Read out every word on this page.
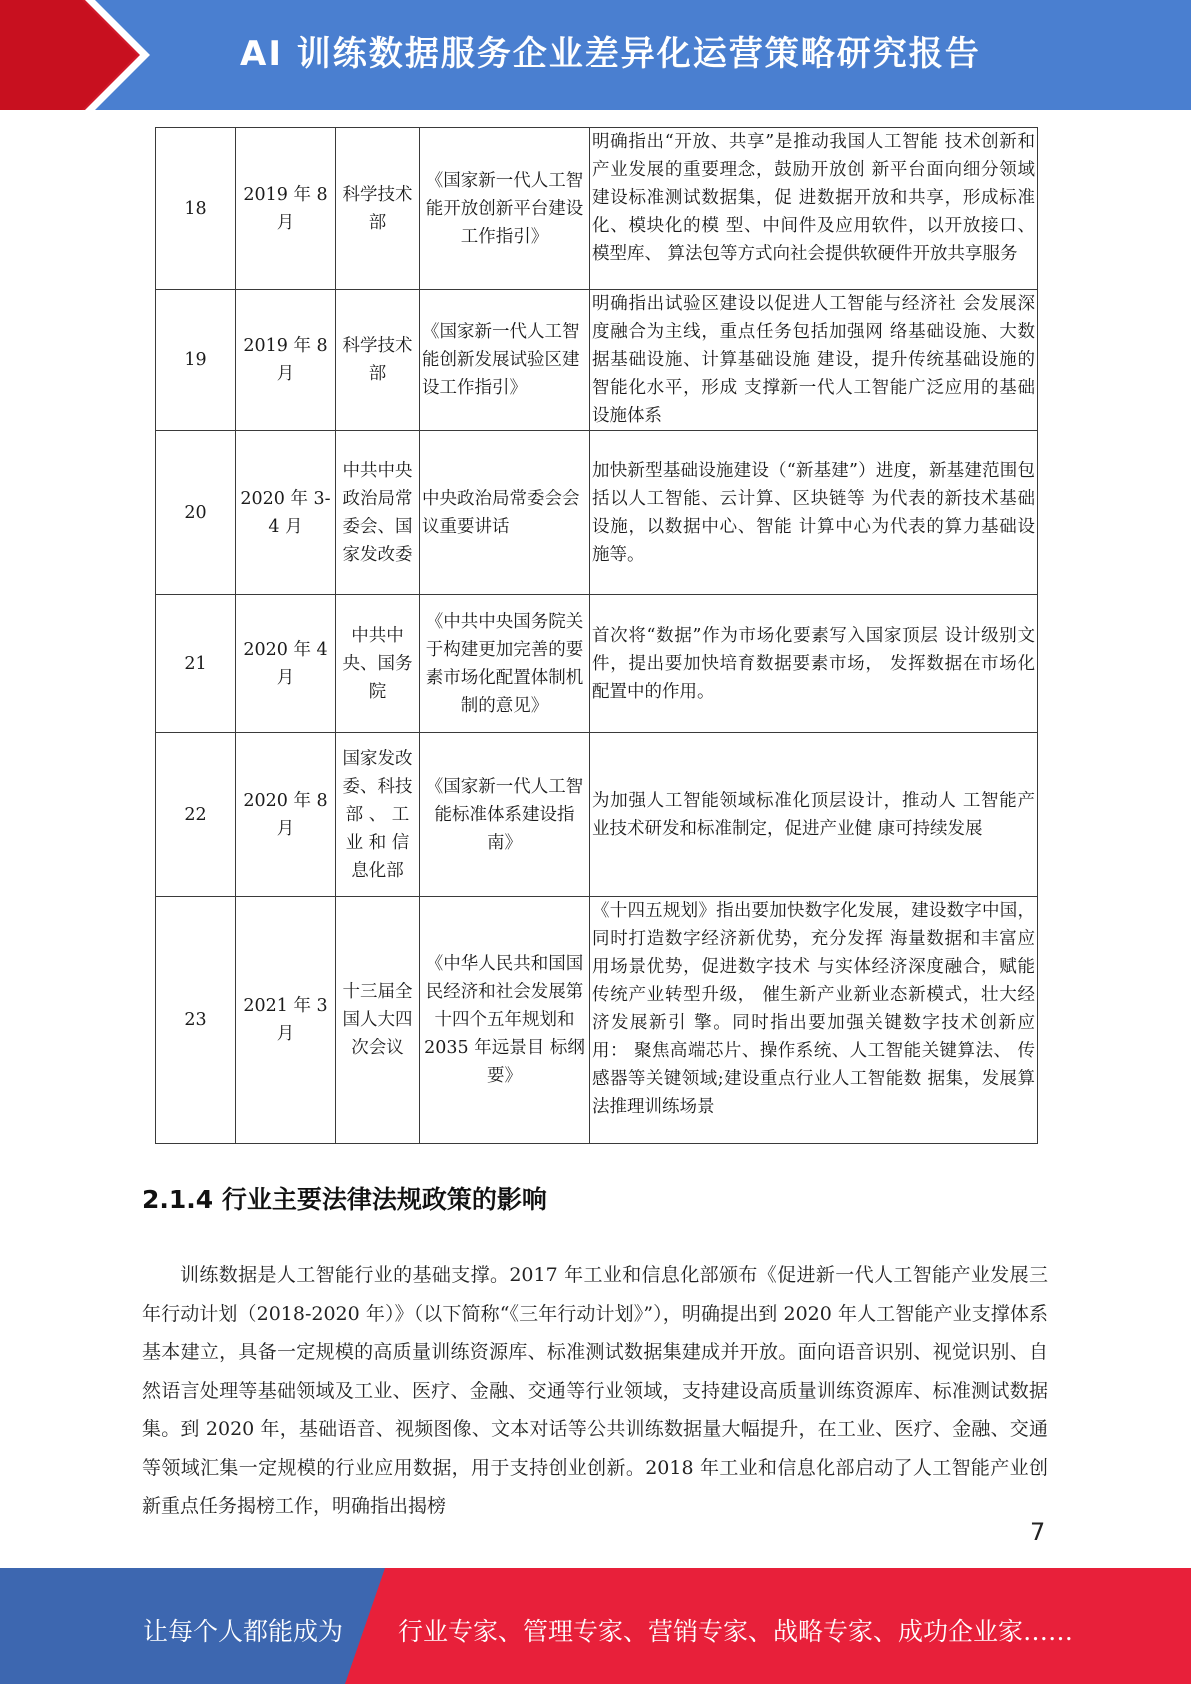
AI 训练数据服务企业差异化运营策略研究报告
18	2019 年 8 月	科学技术部	《国家新一代人工智能开放创新平台建设工作指引》	明确指出“开放、共享”是推动我国人工智能 技术创新和产业发展的重要理念，鼓励开放创 新平台面向细分领域建设标准测试数据集，促 进数据开放和共享，形成标准化、模块化的模 型、中间件及应用软件，以开放接口、模型库、 算法包等方式向社会提供软硬件开放共享服务
19	2019 年 8 月	科学技术部	《国家新一代人工智能创新发展试验区建设工作指引》	明确指出试验区建设以促进人工智能与经济社 会发展深度融合为主线，重点任务包括加强网 络基础设施、大数据基础设施、计算基础设施 建设，提升传统基础设施的智能化水平，形成 支撑新一代人工智能广泛应用的基础设施体系
20	2020 年 3-4 月	中共中央政治局常委会、国家发改委	中央政治局常委会会议重要讲话	加快新型基础设施建设（“新基建”）进度，新基建范围包括以人工智能、云计算、区块链等 为代表的新技术基础设施，以数据中心、智能 计算中心为代表的算力基础设施等。
21	2020 年 4 月	中共中央、国务院	《中共中央国务院关于构建更加完善的要素市场化配置体制机制的意见》	首次将“数据”作为市场化要素写入国家顶层 设计级别文件，提出要加快培育数据要素市场， 发挥数据在市场化配置中的作用。
22	2020 年 8 月	国家发改委、科技部 、 工业 和 信息化部	《国家新一代人工智能标准体系建设指南》	为加强人工智能领域标准化顶层设计，推动人 工智能产业技术研发和标准制定，促进产业健 康可持续发展
23	2021 年 3 月	十三届全国人大四次会议	《中华人民共和国国民经济和社会发展第十四个五年规划和 2035 年远景目 标纲要》	《十四五规划》指出要加快数字化发展，建设数字中国，同时打造数字经济新优势，充分发挥 海量数据和丰富应用场景优势，促进数字技术 与实体经济深度融合，赋能传统产业转型升级， 催生新产业新业态新模式，壮大经济发展新引 擎。同时指出要加强关键数字技术创新应用： 聚焦高端芯片、操作系统、人工智能关键算法、 传感器等关键领域;建设重点行业人工智能数 据集，发展算法推理训练场景
2.1.4 行业主要法律法规政策的影响

训练数据是人工智能行业的基础支撑。2017 年工业和信息化部颁布《促进新一代人工智能产业发展三年行动计划（2018-2020 年）》（以下简称“《三年行动计划》”），明确提出到 2020 年人工智能产业支撑体系基本建立，具备一定规模的高质量训练资源库、标准测试数据集建成并开放。面向语音识别、视觉识别、自然语言处理等基础领域及工业、医疗、金融、交通等行业领域，支持建设高质量训练资源库、标准测试数据集。到 2020 年，基础语音、视频图像、文本对话等公共训练数据量大幅提升，在工业、医疗、金融、交通等领域汇集一定规模的行业应用数据，用于支持创业创新。2018 年工业和信息化部启动了人工智能产业创新重点任务揭榜工作，明确指出揭榜

7
让每个人都能成为 行业专家、管理专家、营销专家、战略专家、成功企业家……
